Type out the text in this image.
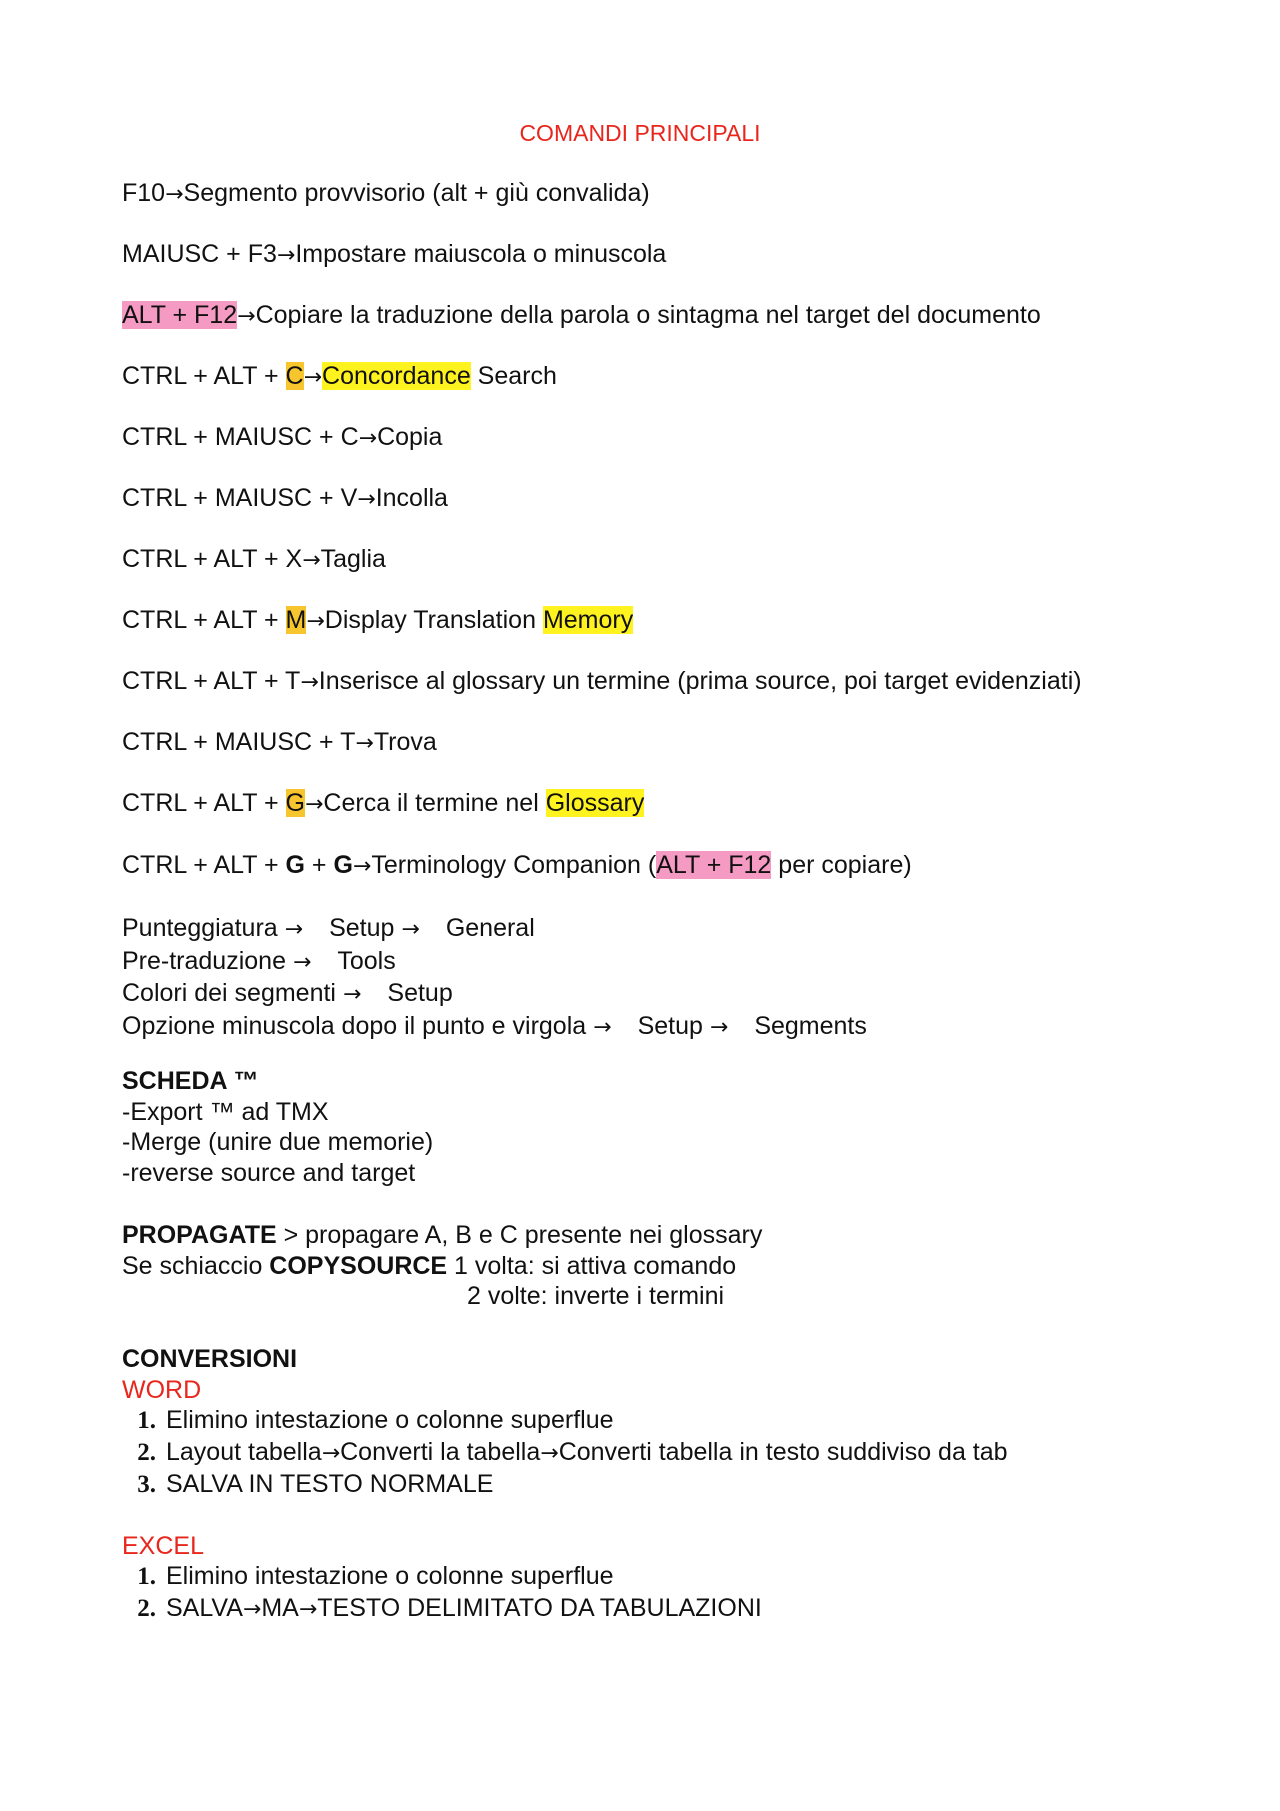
COMANDI PRINCIPALI
F10→Segmento provvisorio (alt + giù convalida)
MAIUSC + F3→Impostare maiuscola o minuscola
ALT + F12→Copiare la traduzione della parola o sintagma nel target del documento
CTRL + ALT + C→Concordance Search
CTRL + MAIUSC + C→Copia
CTRL + MAIUSC + V→Incolla
CTRL + ALT + X→Taglia
CTRL + ALT + M→Display Translation Memory
CTRL + ALT + T→Inserisce al glossary un termine (prima source, poi target evidenziati)
CTRL + MAIUSC + T→Trova
CTRL + ALT + G→Cerca il termine nel Glossary
CTRL + ALT + G + G→Terminology Companion (ALT + F12 per copiare)
Punteggiatura → Setup → General
Pre-traduzione → Tools
Colori dei segmenti → Setup
Opzione minuscola dopo il punto e virgola → Setup → Segments
SCHEDA ™
-Export ™ ad TMX
-Merge (unire due memorie)
-reverse source and target
PROPAGATE > propagare A, B e C presente nei glossary
Se schiaccio COPYSOURCE 1 volta: si attiva comando
2 volte: inverte i termini
CONVERSIONI
WORD
1. Elimino intestazione o colonne superflue
2. Layout tabella→Converti la tabella→Converti tabella in testo suddiviso da tab
3. SALVA IN TESTO NORMALE
EXCEL
1. Elimino intestazione o colonne superflue
2. SALVA→MA→TESTO DELIMITATO DA TABULAZIONI
